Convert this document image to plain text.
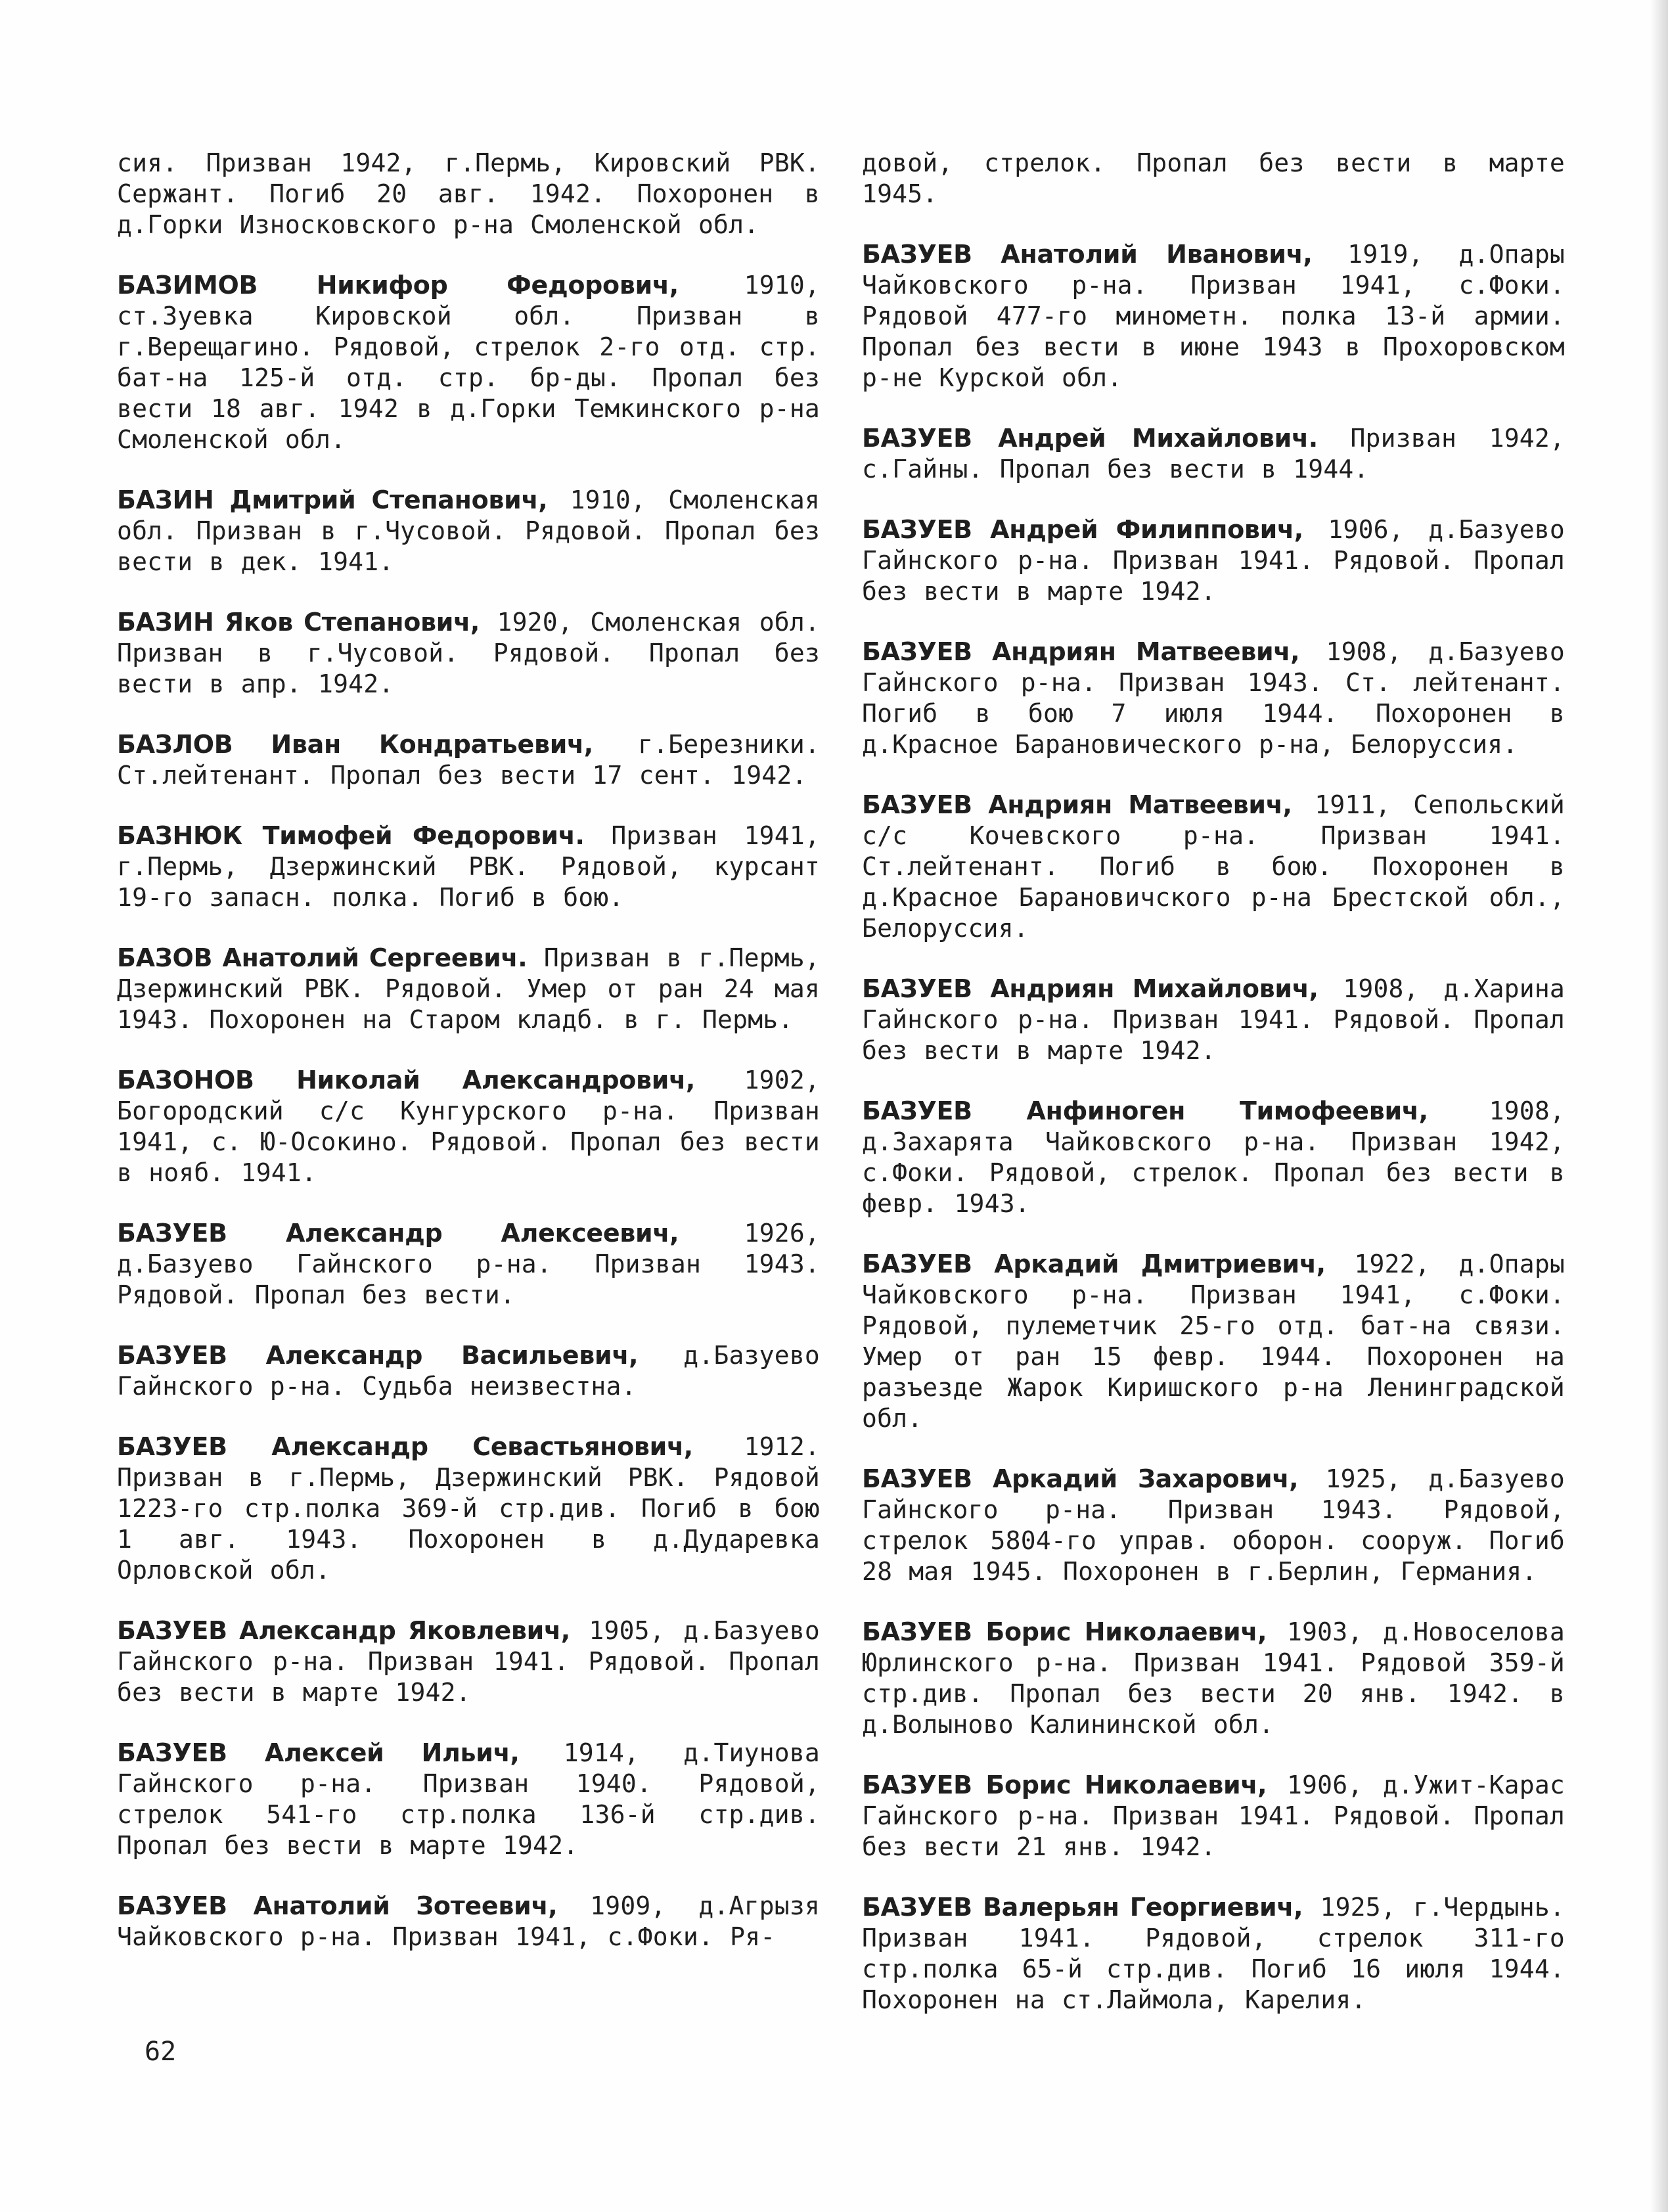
сия. Призван 1942, г.Пермь, Кировский РВК. Сержант. Погиб 20 авг. 1942. Похоронен в д.Горки Износковского р-на Смоленской обл.

БАЗИМОВ Никифор Федорович, 1910, ст.Зуевка Кировской обл. Призван в г.Верещагино. Рядовой, стрелок 2-го отд. стр. бат-на 125-й отд. стр. бр-ды. Пропал без вести 18 авг. 1942 в д.Горки Темкинского р-на Смоленской обл.

БАЗИН Дмитрий Степанович, 1910, Смоленская обл. Призван в г.Чусовой. Рядовой. Пропал без вести в дек. 1941.

БАЗИН Яков Степанович, 1920, Смоленская обл. Призван в г.Чусовой. Рядовой. Пропал без вести в апр. 1942.

БАЗЛОВ Иван Кондратьевич, г.Березники. Ст.лейтенант. Пропал без вести 17 сент. 1942.

БАЗНЮК Тимофей Федорович. Призван 1941, г.Пермь, Дзержинский РВК. Рядовой, курсант 19-го запасн. полка. Погиб в бою.

БАЗОВ Анатолий Сергеевич. Призван в г.Пермь, Дзержинский РВК. Рядовой. Умер от ран 24 мая 1943. Похоронен на Старом кладб. в г. Пермь.

БАЗОНОВ Николай Александрович, 1902, Богородский с/с Кунгурского р-на. Призван 1941, с. Ю-Осокино. Рядовой. Пропал без вести в нояб. 1941.

БАЗУЕВ Александр Алексеевич, 1926, д.Базуево Гайнского р-на. Призван 1943. Рядовой. Пропал без вести.

БАЗУЕВ Александр Васильевич, д.Базуево Гайнского р-на. Судьба неизвестна.

БАЗУЕВ Александр Севастьянович, 1912. Призван в г.Пермь, Дзержинский РВК. Рядовой 1223-го стр.полка 369-й стр.див. Погиб в бою 1 авг. 1943. Похоронен в д.Дударевка Орловской обл.

БАЗУЕВ Александр Яковлевич, 1905, д.Базуево Гайнского р-на. Призван 1941. Рядовой. Пропал без вести в марте 1942.

БАЗУЕВ Алексей Ильич, 1914, д.Тиунова Гайнского р-на. Призван 1940. Рядовой, стрелок 541-го стр.полка 136-й стр.див. Пропал без вести в марте 1942.

БАЗУЕВ Анатолий Зотеевич, 1909, д.Агрызя Чайковского р-на. Призван 1941, с.Фоки. Ря-

довой, стрелок. Пропал без вести в марте 1945.

БАЗУЕВ Анатолий Иванович, 1919, д.Опары Чайковского р-на. Призван 1941, с.Фоки. Рядовой 477-го минометн. полка 13-й армии. Пропал без вести в июне 1943 в Прохоровском р-не Курской обл.

БАЗУЕВ Андрей Михайлович. Призван 1942, с.Гайны. Пропал без вести в 1944.

БАЗУЕВ Андрей Филиппович, 1906, д.Базуево Гайнского р-на. Призван 1941. Рядовой. Пропал без вести в марте 1942.

БАЗУЕВ Андриян Матвеевич, 1908, д.Базуево Гайнского р-на. Призван 1943. Ст. лейтенант. Погиб в бою 7 июля 1944. Похоронен в д.Красное Барановического р-на, Белоруссия.

БАЗУЕВ Андриян Матвеевич, 1911, Сепольский с/с Кочевского р-на. Призван 1941. Ст.лейтенант. Погиб в бою. Похоронен в д.Красное Барановичского р-на Брестской обл., Белоруссия.

БАЗУЕВ Андриян Михайлович, 1908, д.Харина Гайнского р-на. Призван 1941. Рядовой. Пропал без вести в марте 1942.

БАЗУЕВ Анфиноген Тимофеевич, 1908, д.Захарята Чайковского р-на. Призван 1942, с.Фоки. Рядовой, стрелок. Пропал без вести в февр. 1943.

БАЗУЕВ Аркадий Дмитриевич, 1922, д.Опары Чайковского р-на. Призван 1941, с.Фоки. Рядовой, пулеметчик 25-го отд. бат-на связи. Умер от ран 15 февр. 1944. Похоронен на разъезде Жарок Киришского р-на Ленинградской обл.

БАЗУЕВ Аркадий Захарович, 1925, д.Базуево Гайнского р-на. Призван 1943. Рядовой, стрелок 5804-го управ. оборон. сооруж. Погиб 28 мая 1945. Похоронен в г.Берлин, Германия.

БАЗУЕВ Борис Николаевич, 1903, д.Новоселова Юрлинского р-на. Призван 1941. Рядовой 359-й стр.див. Пропал без вести 20 янв. 1942. в д.Волыново Калининской обл.

БАЗУЕВ Борис Николаевич, 1906, д.Ужит-Карас Гайнского р-на. Призван 1941. Рядовой. Пропал без вести 21 янв. 1942.

БАЗУЕВ Валерьян Георгиевич, 1925, г.Чердынь. Призван 1941. Рядовой, стрелок 311-го стр.полка 65-й стр.див. Погиб 16 июля 1944. Похоронен на ст.Лаймола, Карелия.

62
